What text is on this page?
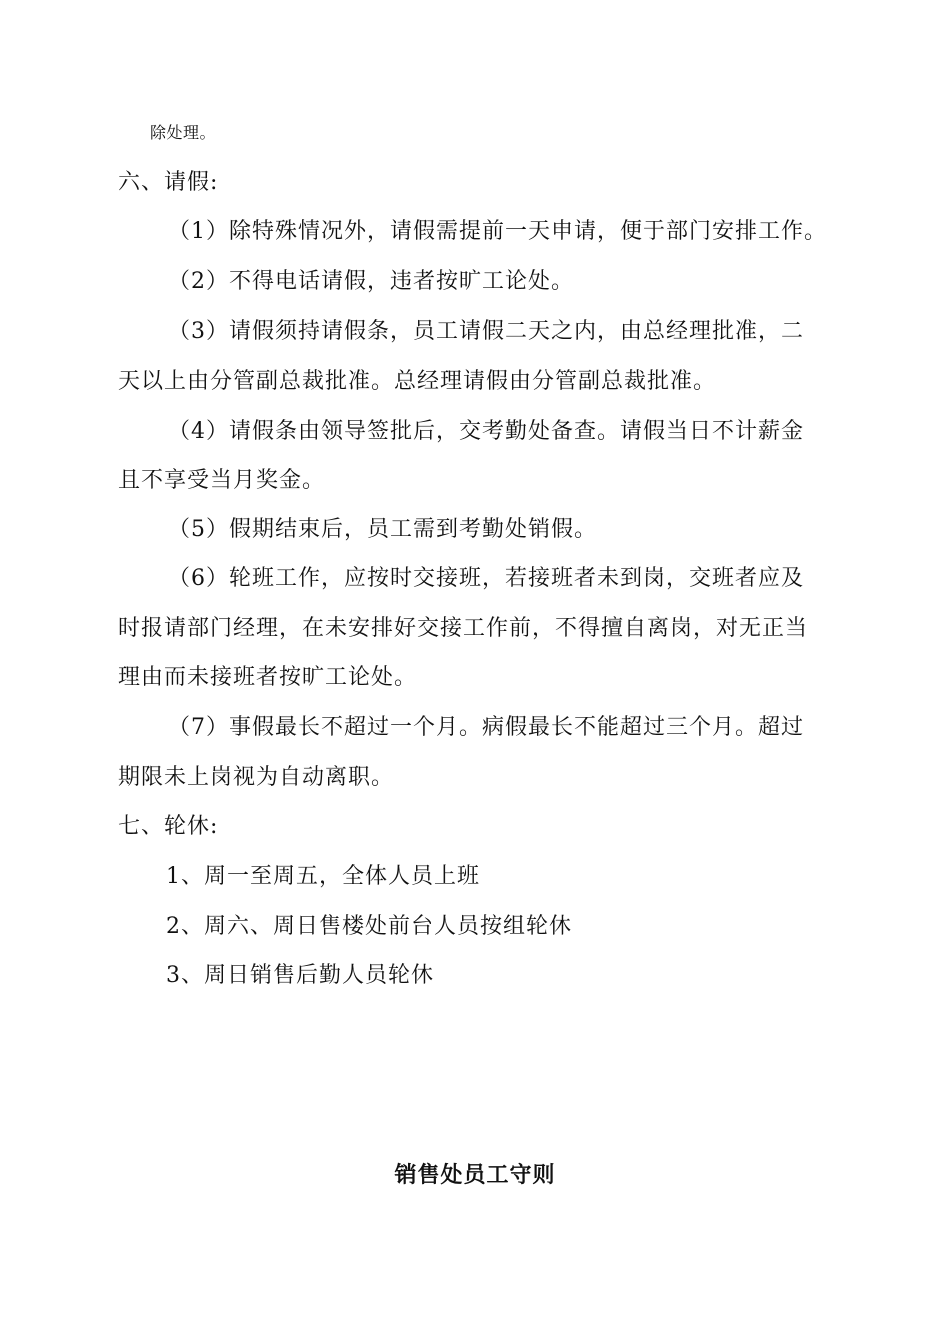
除处理。
六、请假:
（1）除特殊情况外，请假需提前一天申请，便于部门安排工作。
（2）不得电话请假，违者按旷工论处。
（3）请假须持请假条，员工请假二天之内，由总经理批准，二
天以上由分管副总裁批准。总经理请假由分管副总裁批准。
（4）请假条由领导签批后，交考勤处备查。请假当日不计薪金
且不享受当月奖金。
（5）假期结束后，员工需到考勤处销假。
（6）轮班工作，应按时交接班，若接班者未到岗，交班者应及
时报请部门经理，在未安排好交接工作前，不得擅自离岗，对无正当
理由而未接班者按旷工论处。
（7）事假最长不超过一个月。病假最长不能超过三个月。超过
期限未上岗视为自动离职。
七、轮休:
1、周一至周五，全体人员上班
2、周六、周日售楼处前台人员按组轮休
3、周日销售后勤人员轮休
销售处员工守则
